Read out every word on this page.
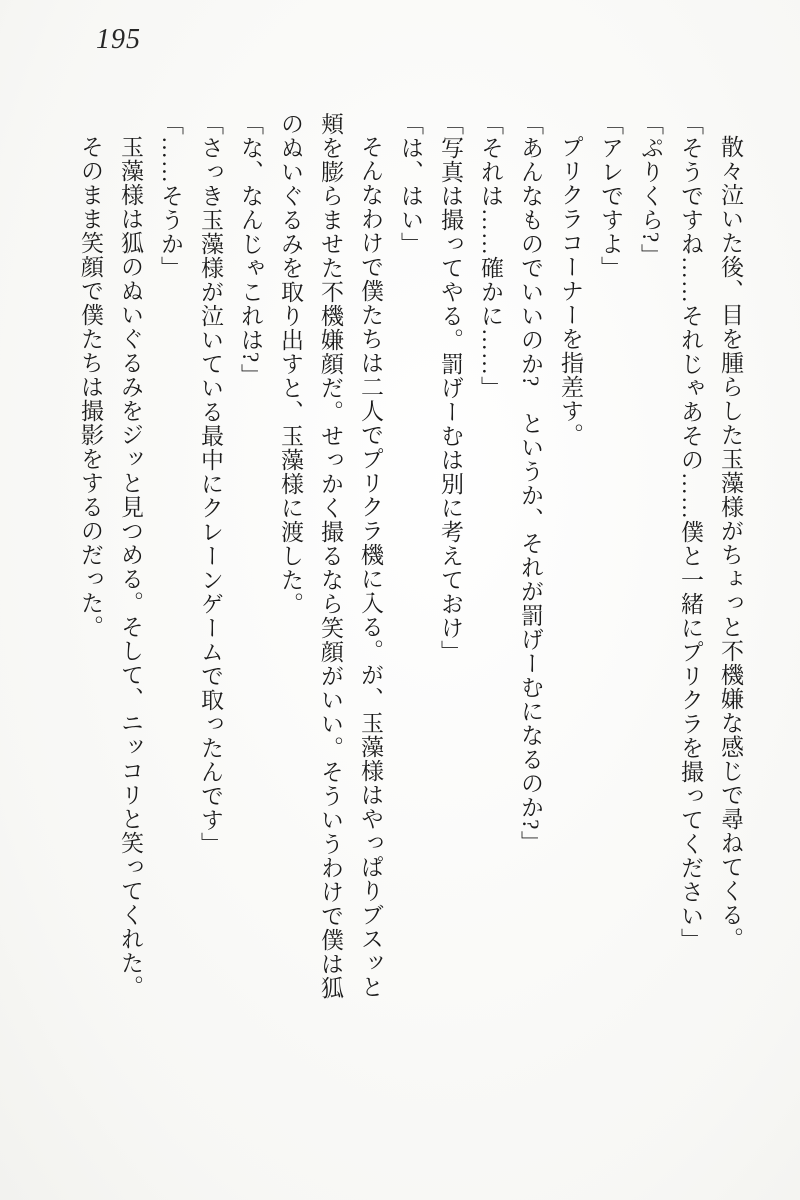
195

散々泣いた後、目を腫らした玉藻様がちょっと不機嫌な感じで尋ねてくる。

「そうですね……それじゃあその……僕と一緒にプリクラを撮ってください」

「ぷりくら?」

「アレですよ」

プリクラコーナーを指差す。

「あんなものでいいのか?　というか、それが罰げーむになるのか?」

「それは……確かに……」

「写真は撮ってやる。罰げーむは別に考えておけ」

「は、はい」

そんなわけで僕たちは二人でプリクラ機に入る。が、玉藻様はやっぱりブスッと頬を膨らませた不機嫌顔だ。せっかく撮るなら笑顔がいい。そういうわけで僕は狐のぬいぐるみを取り出すと、玉藻様に渡した。

「な、なんじゃこれは?」

「さっき玉藻様が泣いている最中にクレーンゲームで取ったんです」

「……そうか」

玉藻様は狐のぬいぐるみをジッと見つめる。そして、ニッコリと笑ってくれた。

そのまま笑顔で僕たちは撮影をするのだった。
